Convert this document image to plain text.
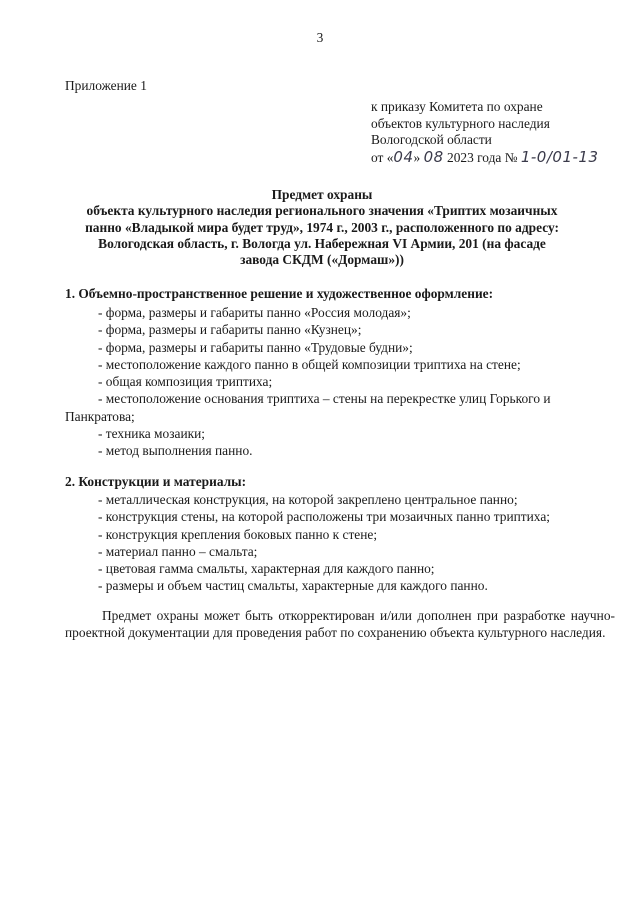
3
Приложение 1
к приказу Комитета по охране
объектов культурного наследия
Вологодской области
от «04» 08 2023 года № 1-0/01-13
Предмет охраны
объекта культурного наследия регионального значения «Триптих мозаичных
панно «Владыкой мира будет труд», 1974 г., 2003 г., расположенного по адресу:
Вологодская область, г. Вологда ул. Набережная VI Армии, 201 (на фасаде
завода СКДМ («Дормаш»))
1. Объемно-пространственное решение и художественное оформление:
- форма, размеры и габариты панно «Россия молодая»;
- форма, размеры и габариты панно «Кузнец»;
- форма, размеры и габариты панно «Трудовые будни»;
- местоположение каждого панно в общей композиции триптиха на стене;
- общая композиция триптиха;
- местоположение основания триптиха – стены на перекрестке улиц Горького и Панкратова;
- техника мозаики;
- метод выполнения панно.
2. Конструкции и материалы:
- металлическая конструкция, на которой закреплено центральное панно;
- конструкция стены, на которой расположены три мозаичных панно триптиха;
- конструкция крепления боковых панно к стене;
- материал панно – смальта;
- цветовая гамма смальты, характерная для каждого панно;
- размеры и объем частиц смальты, характерные для каждого панно.
Предмет охраны может быть откорректирован и/или дополнен при разработке научно-проектной документации для проведения работ по сохранению объекта культурного наследия.
